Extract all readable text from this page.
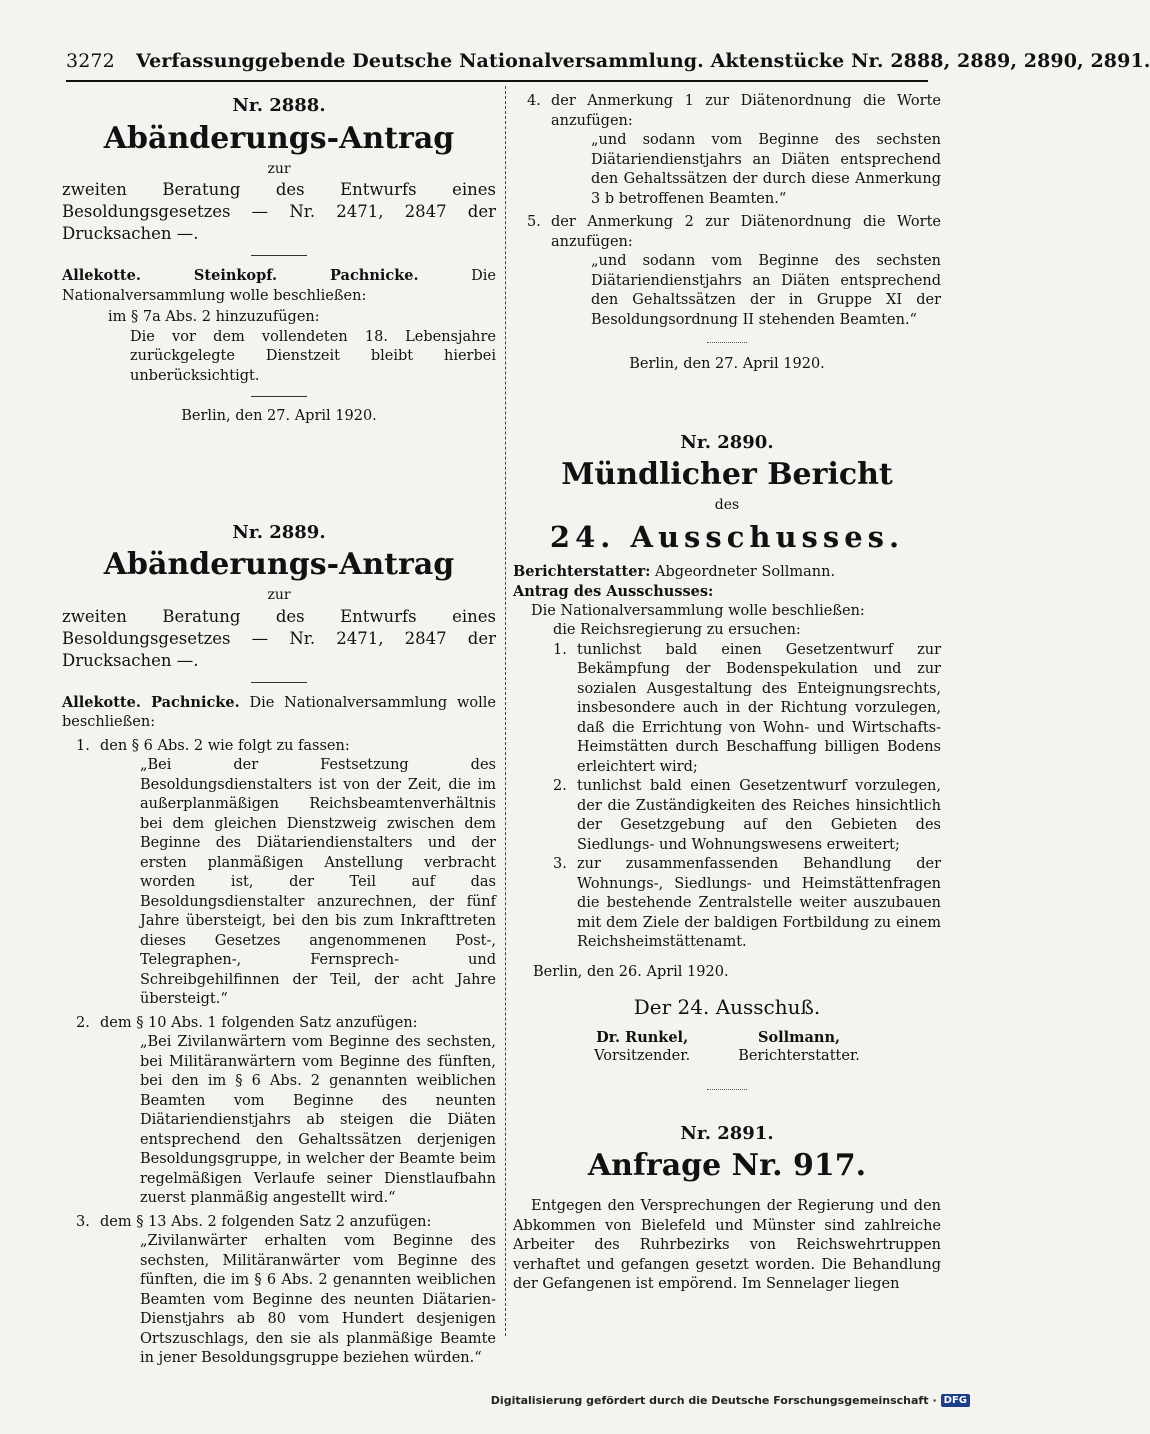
3272 Verfassunggebende Deutsche Nationalversammlung. Aktenstücke Nr. 2888, 2889, 2890, 2891.
Nr. 2888.
Abänderungs-Antrag
zur

zweiten Beratung des Entwurfs eines Besoldungsgesetzes — Nr. 2471, 2847 der Drucksachen —.

Allekotte. Steinkopf. Pachnicke.	Die Nationalversammlung wolle beschließen:

im § 7a Abs. 2 hinzuzufügen:

Die vor dem vollendeten 18. Lebensjahre zurückgelegte Dienstzeit bleibt hierbei unberücksichtigt.

Berlin, den 27. April 1920.

Nr. 2889.
Abänderungs-Antrag
zur

zweiten Beratung des Entwurfs eines Besoldungsgesetzes — Nr. 2471, 2847 der Drucksachen —.

Allekotte. Pachnicke. Die Nationalversammlung wolle beschließen:

1. den § 6 Abs. 2 wie folgt zu fassen:

„Bei der Festsetzung des Besoldungsdienstalters ist von der Zeit, die im außerplanmäßigen Reichsbeamtenverhältnis bei dem gleichen Dienstzweig zwischen dem Beginne des Diätariendienstalters und der ersten planmäßigen Anstellung verbracht worden ist, der Teil auf das Besoldungsdienstalter anzurechnen, der fünf Jahre übersteigt, bei den bis zum Inkrafttreten dieses Gesetzes angenommenen Post-, Telegraphen-, Fernsprech- und Schreibgehilfinnen der Teil, der acht Jahre übersteigt.“

2. dem § 10 Abs. 1 folgenden Satz anzufügen:

„Bei Zivilanwärtern vom Beginne des sechsten, bei Militäranwärtern vom Beginne des fünften, bei den im § 6 Abs. 2 genannten weiblichen Beamten vom Beginne des neunten Diätariendienstjahrs ab steigen die Diäten entsprechend den Gehaltssätzen derjenigen Besoldungsgruppe, in welcher der Beamte beim regelmäßigen Verlaufe seiner Dienstlaufbahn zuerst planmäßig angestellt wird.“

3. dem § 13 Abs. 2 folgenden Satz 2 anzufügen:

„Zivilanwärter erhalten vom Beginne des sechsten, Militäranwärter vom Beginne des fünften, die im § 6 Abs. 2 genannten weiblichen Beamten vom Beginne des neunten Diätarien-Dienstjahrs ab 80 vom Hundert desjenigen Ortszuschlags, den sie als planmäßige Beamte in jener Besoldungsgruppe beziehen würden.“

4. der Anmerkung 1 zur Diätenordnung die Worte anzufügen:

„und sodann vom Beginne des sechsten Diätariendienstjahrs an Diäten entsprechend den Gehaltssätzen der durch diese Anmerkung 3 b betroffenen Beamten.“

5. der Anmerkung 2 zur Diätenordnung die Worte anzufügen:

„und sodann vom Beginne des sechsten Diätariendienstjahrs an Diäten entsprechend den Gehaltssätzen der in Gruppe XI der Besoldungsordnung II stehenden Beamten.“

Berlin, den 27. April 1920.

Nr. 2890.
Mündlicher Bericht
des
24. Ausschusses.

Berichterstatter: Abgeordneter Sollmann.

Antrag des Ausschusses:

Die Nationalversammlung wolle beschließen:

die Reichsregierung zu ersuchen:

1. tunlichst bald einen Gesetzentwurf zur Bekämpfung der Bodenspekulation und zur sozialen Ausgestaltung des Enteignungsrechts, insbesondere auch in der Richtung vorzulegen, daß die Errichtung von Wohn- und Wirtschafts-Heimstätten durch Beschaffung billigen Bodens erleichtert wird;

2. tunlichst bald einen Gesetzentwurf vorzulegen, der die Zuständigkeiten des Reiches hinsichtlich der Gesetzgebung auf den Gebieten des Siedlungs- und Wohnungswesens erweitert;

3. zur zusammenfassenden Behandlung der Wohnungs-, Siedlungs- und Heimstättenfragen die bestehende Zentralstelle weiter auszubauen mit dem Ziele der baldigen Fortbildung zu einem Reichsheimstättenamt.

Berlin, den 26. April 1920.

Der 24. Ausschuß.
Dr. Runkel,
Vorsitzender.
Sollmann,
Berichterstatter.
Nr. 2891.
Anfrage Nr. 917.

Entgegen den Versprechungen der Regierung und den Abkommen von Bielefeld und Münster sind zahlreiche Arbeiter des Ruhrbezirks von Reichswehrtruppen verhaftet und gefangen gesetzt worden. Die Behandlung der Gefangenen ist empörend. Im Sennelager liegen

Digitalisierung gefördert durch die Deutsche Forschungsgemeinschaft · DFG
